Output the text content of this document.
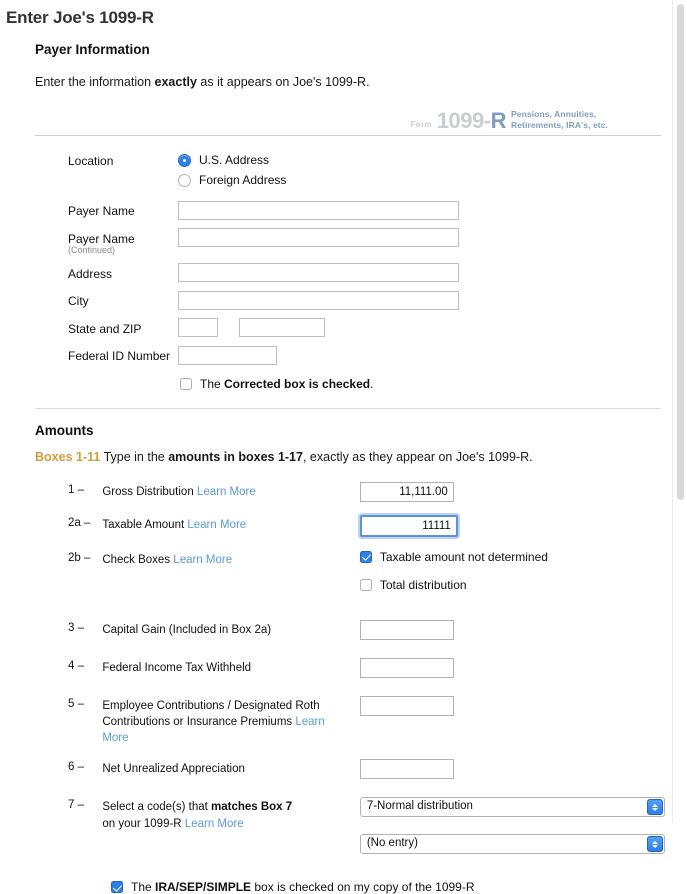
Enter Joe's 1099-R
Payer Information
Enter the information exactly as it appears on Joe's 1099-R.
Form 1099-R Pensions, Annuities,
Retirements, IRA's, etc.
Location	U.S. Address
Foreign Address

Payer Name	

Payer Name
(Continued)

Address	

City	

State and ZIP	

Federal ID Number	
The Corrected box is checked.
Amounts
Boxes 1-11 Type in the amounts in boxes 1-17, exactly as they appear on Joe's 1099-R.
1 –	Gross Distribution Learn More	11,111.00

2a –	Taxable Amount Learn More	11111

2b –	Check Boxes Learn More	Taxable amount not determined
Total distribution

3 –	Capital Gain (Included in Box 2a)	

4 –	Federal Income Tax Withheld	

5 –	Employee Contributions / Designated Roth Contributions or Insurance Premiums Learn More	

6 –	Net Unrealized Appreciation	

7 –	Select a code(s) that matches Box 7
on your 1099-R Learn More	
7-Normal distribution
(No entry)
The IRA/SEP/SIMPLE box is checked on my copy of the 1099-R
